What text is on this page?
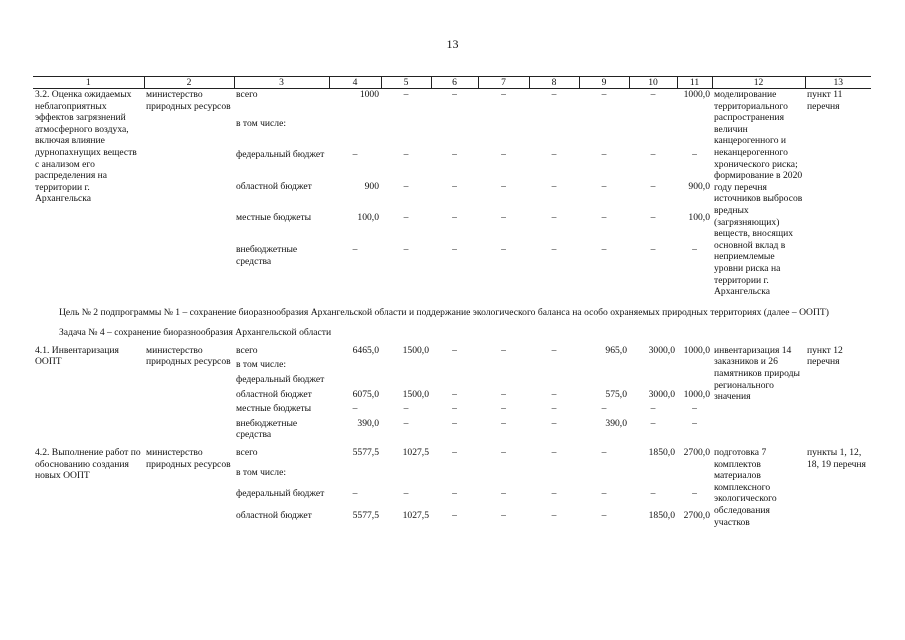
13
1	2	3	4	5	6	7	8	9	10	11	12	13
3.2. Оценка ожидаемых неблагоприятных эффектов загрязнений атмосферного воздуха, включая влияние дурнопахнущих веществ с анализом его распределения на территории г. Архангельска	министерство природных ресурсов	всего	1000	–	–	–	–	–	–	1000,0	моделирование территориального распространения величин канцерогенного и неканцерогенного хронического риска; формирование в 2020 году перечня источников выбросов вредных (загрязняющих) веществ, вносящих основной вклад в неприемлемые уровни риска на территории г. Архангельска	пункт 11 перечня
		в том числе:										
		федеральный бюджет	–	–	–	–	–	–	–	–		
		областной бюджет	900	–	–	–	–	–	–	900,0		
		местные бюджеты	100,0	–	–	–	–	–	–	100,0		
		внебюджетные средства	–	–	–	–	–	–	–	–		
Цель № 2 подпрограммы № 1 – сохранение биоразнообразия Архангельской области и поддержание экологического баланса на особо охраняемых природных территориях (далее – ООПТ)												
Задача № 4 – сохранение биоразнообразия Архангельской области												
4.1. Инвентаризация ООПТ	министерство природных ресурсов	всего	6465,0	1500,0	–	–	–	965,0	3000,0	1000,0	инвентаризация 14 заказников и 26 памятников природы регионального значения	пункт 12 перечня
		в том числе:										
		федеральный бюджет										
		областной бюджет	6075,0	1500,0	–	–	–	575,0	3000,0	1000,0		
		местные бюджеты	–	–	–	–	–	–	–	–		
		внебюджетные средства	390,0	–	–	–	–	390,0	–	–		

4.2. Выполнение работ по обоснованию создания новых ООПТ	министерство природных ресурсов	всего	5577,5	1027,5	–	–	–	–	1850,0	2700,0	подготовка 7 комплектов материалов комплексного экологического обследования участков	пункты 1, 12, 18, 19 перечня
		в том числе:										
		федеральный бюджет	–	–	–	–	–	–	–	–		
		областной бюджет	5577,5	1027,5	–	–	–	–	1850,0	2700,0		
